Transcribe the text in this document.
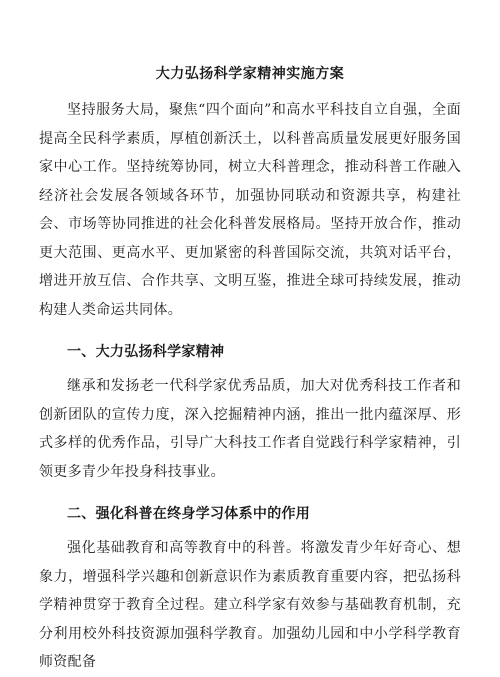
大力弘扬科学家精神实施方案

坚持服务大局，聚焦“四个面向”和高水平科技自立自强，全面提高全民科学素质，厚植创新沃土，以科普高质量发展更好服务国家中心工作。坚持统筹协同，树立大科普理念，推动科普工作融入经济社会发展各领域各环节，加强协同联动和资源共享，构建社会、市场等协同推进的社会化科普发展格局。坚持开放合作，推动更大范围、更高水平、更加紧密的科普国际交流，共筑对话平台，增进开放互信、合作共享、文明互鉴，推进全球可持续发展，推动构建人类命运共同体。

一、大力弘扬科学家精神

继承和发扬老一代科学家优秀品质，加大对优秀科技工作者和创新团队的宣传力度，深入挖掘精神内涵，推出一批内蕴深厚、形式多样的优秀作品，引导广大科技工作者自觉践行科学家精神，引领更多青少年投身科技事业。

二、强化科普在终身学习体系中的作用

强化基础教育和高等教育中的科普。将激发青少年好奇心、想象力，增强科学兴趣和创新意识作为素质教育重要内容，把弘扬科学精神贯穿于教育全过程。建立科学家有效参与基础教育机制，充分利用校外科技资源加强科学教育。加强幼儿园和中小学科学教育师资配备
